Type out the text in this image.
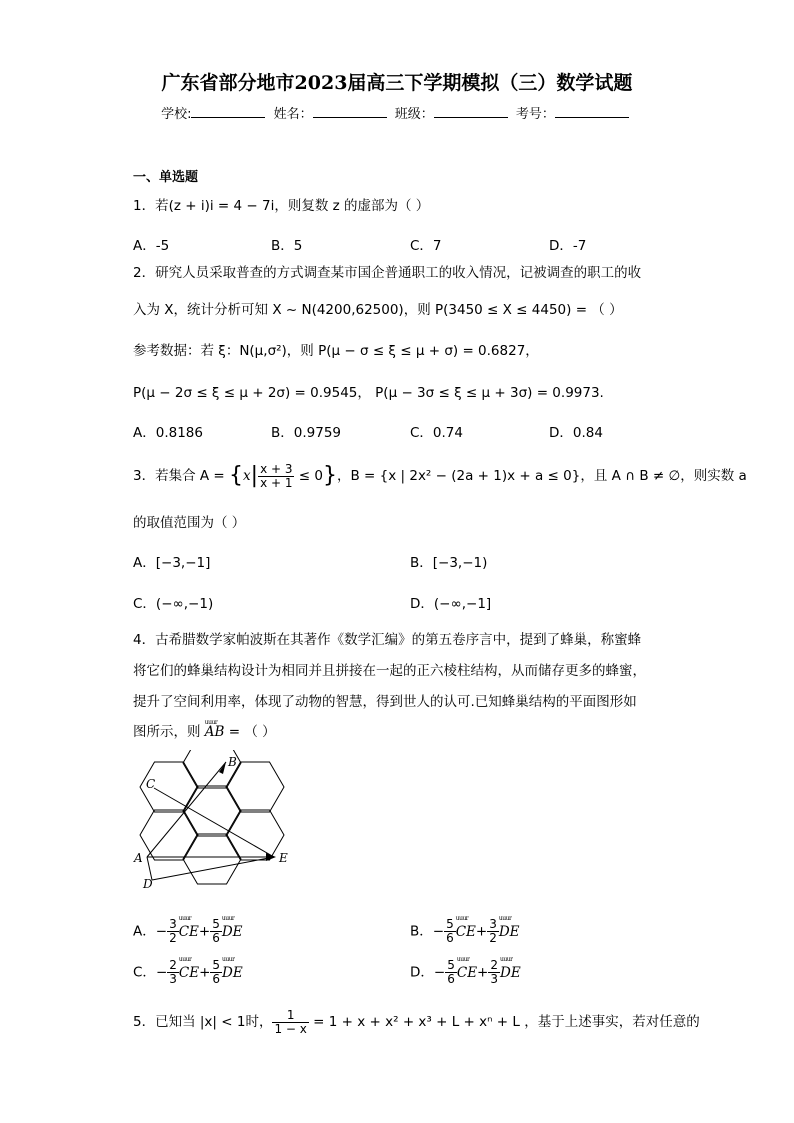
广东省部分地市2023届高三下学期模拟（三）数学试题
学校:	姓名：	班级：	考号：
一、单选题
1．若(z + i)i = 4 − 7i，则复数 z 的虚部为（ ）
A．-5	B．5	C．7	D．-7
2．研究人员采取普查的方式调查某市国企普通职工的收入情况，记被调查的职工的收
入为 X，统计分析可知 X ~ N(4200,62500)，则 P(3450 ≤ X ≤ 4450) = （ ）
参考数据：若 ξ：N(μ,σ²)，则 P(μ − σ ≤ ξ ≤ μ + σ) = 0.6827，
P(μ − 2σ ≤ ξ ≤ μ + 2σ) = 0.9545， P(μ − 3σ ≤ ξ ≤ μ + 3σ) = 0.9973.
A．0.8186	B．0.9759	C．0.74	D．0.84
3．若集合 $A = \{x| \frac{x + 3}{x + 1} \le 0\}$，B = {x | 2x² − (2a + 1)x + a ≤ 0}，且 A ∩ B ≠ ∅，则实数 a
的取值范围为（ ）
A．[−3,−1]	B．[−3,−1)
C．(−∞,−1)	D．(−∞,−1]
4．古希腊数学家帕波斯在其著作《数学汇编》的第五卷序言中，提到了蜂巢，称蜜蜂
将它们的蜂巢结构设计为相同并且拼接在一起的正六棱柱结构，从而储存更多的蜂蜜，
提升了空间利用率，体现了动物的智慧，得到世人的认可.已知蜂巢结构的平面图形如
图所示，则 uuur AB = （ ）
B
C
A	E
D
A．− $\frac{3}{2}$ uuur $CE+ \frac{5}{6}$ uuur DE	B．− $\frac{5}{6}$ uuur $CE+ \frac{3}{2}$ uuur DE
C．− $\frac{2}{3}$ uuur $CE+ \frac{5}{6}$ uuur DE	D．− $\frac{5}{6}$ uuur $CE+ \frac{2}{3}$ uuur DE
5．已知当 |x| < 1时， $\frac{1}{1 - x} = 1 + x + x^2 + x^3 + L + x^n + L$ ，基于上述事实，若对任意的
